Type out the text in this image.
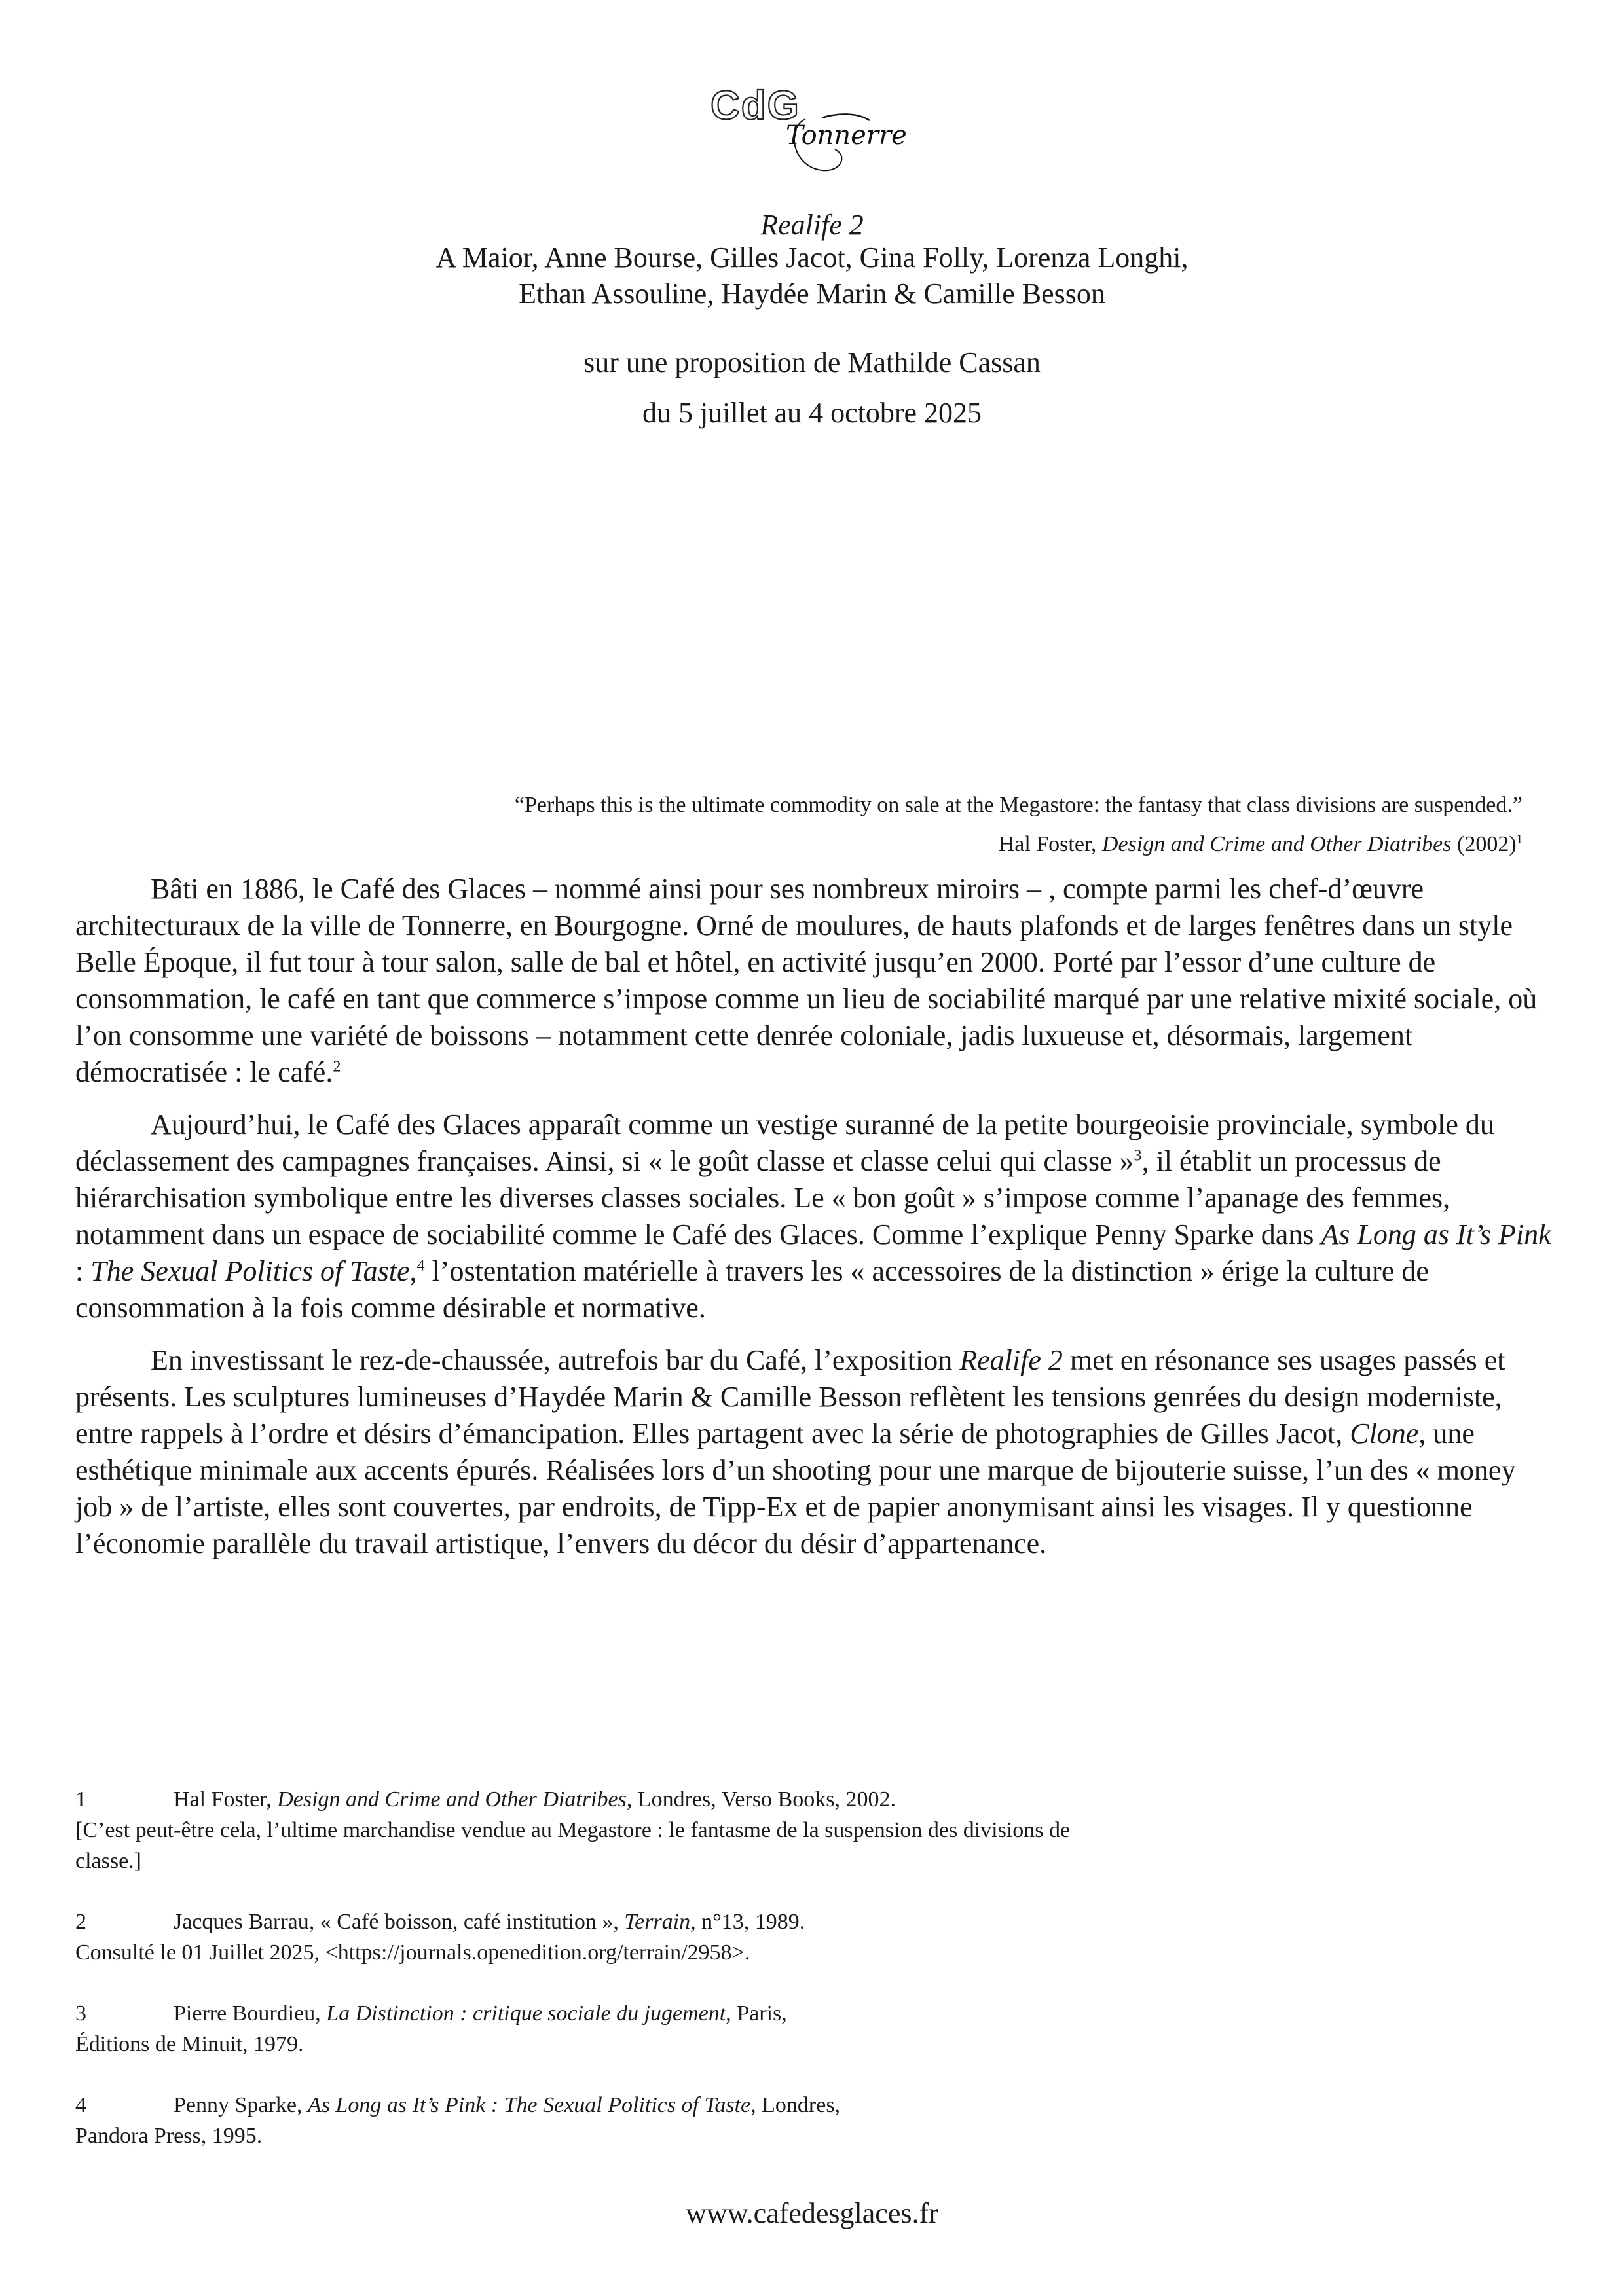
CdG
Tonnerre
Realife 2
A Maior, Anne Bourse, Gilles Jacot, Gina Folly, Lorenza Longhi,
Ethan Assouline, Haydée Marin & Camille Besson
sur une proposition de Mathilde Cassan
du 5 juillet au 4 octobre 2025
“Perhaps this is the ultimate commodity on sale at the Megastore: the fantasy that class divisions are suspended.”
Hal Foster, Design and Crime and Other Diatribes $(2002)^1$

Bâti en 1886, le Café des Glaces – nommé ainsi pour ses nombreux miroirs – , compte parmi les chef-d’œuvre architecturaux de la ville de Tonnerre, en Bourgogne. Orné de moulures, de hauts plafonds et de larges fenêtres dans un style Belle Époque, il fut tour à tour salon, salle de bal et hôtel, en activité jusqu’en 2000. Porté par l’essor d’une culture de consommation, le café en tant que commerce s’impose comme un lieu de sociabilité marqué par une relative mixité sociale, où l’on consomme une variété de boissons – notamment cette denrée coloniale, jadis luxueuse et, désormais, largement démocratisée : le café.$^2$

Aujourd’hui, le Café des Glaces apparaît comme un vestige suranné de la petite bourgeoisie provinciale, symbole du déclassement des campagnes françaises. Ainsi, si « le goût classe et classe celui qui classe »$^3$, il établit un processus de hiérarchisation symbolique entre les diverses classes sociales. Le « bon goût » s’impose comme l’apanage des femmes, notamment dans un espace de sociabilité comme le Café des Glaces. Comme l’explique Penny Sparke dans As Long as It’s Pink : The Sexual Politics of Taste,$^4$ l’ostentation matérielle à travers les « accessoires de la distinction » érige la culture de consommation à la fois comme désirable et normative.

En investissant le rez-de-chaussée, autrefois bar du Café, l’exposition Realife 2 met en résonance ses usages passés et présents. Les sculptures lumineuses d’Haydée Marin & Camille Besson reflètent les tensions genrées du design moderniste, entre rappels à l’ordre et désirs d’émancipation. Elles partagent avec la série de photographies de Gilles Jacot, Clone, une esthétique minimale aux accents épurés. Réalisées lors d’un shooting pour une marque de bijouterie suisse, l’un des « money job » de l’artiste, elles sont couvertes, par endroits, de Tipp-Ex et de papier anonymisant ainsi les visages. Il y questionne l’économie parallèle du travail artistique, l’envers du décor du désir d’appartenance.

1	Hal Foster, Design and Crime and Other Diatribes, Londres, Verso Books, 2002.
[C’est peut-être cela, l’ultime marchandise vendue au Megastore : le fantasme de la suspension des divisions de classe.]
2	Jacques Barrau, « Café boisson, café institution », Terrain, n°13, 1989.
Consulté le 01 Juillet 2025, <https://journals.openedition.org/terrain/2958>.
3	Pierre Bourdieu, La Distinction : critique sociale du jugement, Paris,
Éditions de Minuit, 1979.
4	Penny Sparke, As Long as It’s Pink : The Sexual Politics of Taste, Londres,
Pandora Press, 1995.
www.cafedesglaces.fr
